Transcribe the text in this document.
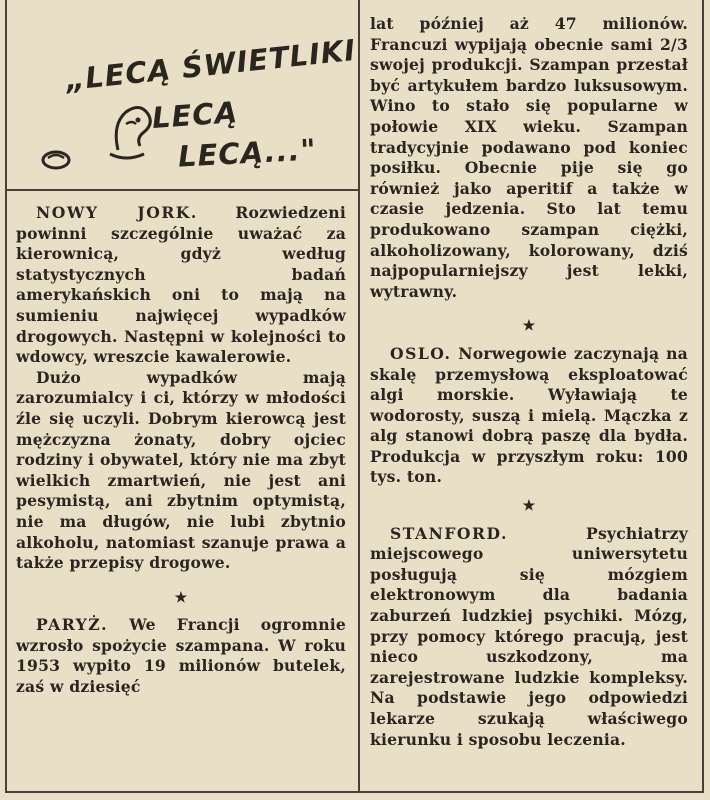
„LECĄ ŚWIETLIKI
LECĄ
LECĄ..."

NOWY JORK. Rozwiedzeni powinni szczególnie uważać za kierownicą, gdyż według statystycznych badań amerykańskich oni to mają na sumieniu najwięcej wypadków drogowych. Następni w kolejności to wdowcy, wreszcie kawalerowie.

Dużo wypadków mają zarozumialcy i ci, którzy w młodości źle się uczyli. Dobrym kierowcą jest mężczyzna żonaty, dobry ojciec rodziny i obywatel, który nie ma zbyt wielkich zmartwień, nie jest ani pesymistą, ani zbytnim optymistą, nie ma długów, nie lubi zbytnio alkoholu, natomiast szanuje prawa a także przepisy drogowe.

★

PARYŻ. We Francji ogromnie wzrosło spożycie szampana. W roku 1953 wypito 19 milionów butelek, zaś w dziesięć

lat później aż 47 milionów. Francuzi wypijają obecnie sami 2/3 swojej produkcji. Szampan przestał być artykułem bardzo luksusowym. Wino to stało się popularne w połowie XIX wieku. Szampan tradycyjnie podawano pod koniec posiłku. Obecnie pije się go również jako aperitif a także w czasie jedzenia. Sto lat temu produkowano szampan ciężki, alkoholizowany, kolorowany, dziś najpopularniejszy jest lekki, wytrawny.

★

OSLO. Norwegowie zaczynają na skalę przemysłową eksploatować algi morskie. Wyławiają te wodorosty, suszą i mielą. Mączka z alg stanowi dobrą paszę dla bydła. Produkcja w przyszłym roku: 100 tys. ton.

★

STANFORD.	Psychiatrzy miejscowego uniwersytetu posługują się mózgiem elektronowym dla badania zaburzeń ludzkiej psychiki. Mózg, przy pomocy którego pracują, jest nieco uszkodzony, ma zarejestrowane ludzkie kompleksy. Na podstawie jego odpowiedzi lekarze szukają właściwego kierunku i sposobu leczenia.
